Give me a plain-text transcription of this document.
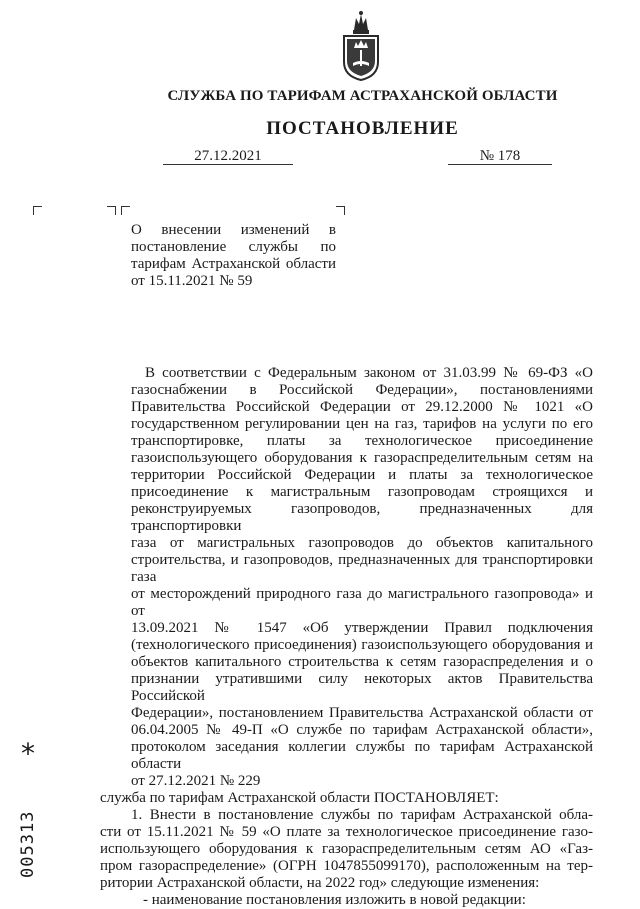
СЛУЖБА ПО ТАРИФАМ АСТРАХАНСКОЙ ОБЛАСТИ
ПОСТАНОВЛЕНИЕ
27.12.2021	№ 178
О внесении изменений в
постановление службы по
тарифам Астраханской области
от 15.11.2021 № 59
В соответствии с Федеральным законом от 31.03.99 № 69-ФЗ «О
газоснабжении в Российской Федерации», постановлениями
Правительства Российской Федерации от 29.12.2000 № 1021 «О
государственном регулировании цен на газ, тарифов на услуги по его
транспортировке, платы за технологическое присоединение
газоиспользующего оборудования к газораспределительным сетям на
территории Российской Федерации и платы за технологическое
присоединение к магистральным газопроводам строящихся и
реконструируемых газопроводов, предназначенных для транспортировки
газа от магистральных газопроводов до объектов капитального
строительства, и газопроводов, предназначенных для транспортировки газа
от месторождений природного газа до магистрального газопровода» и от
13.09.2021 № 1547 «Об утверждении Правил подключения
(технологического присоединения) газоиспользующего оборудования и
объектов капитального строительства к сетям газораспределения и о
признании утратившими силу некоторых актов Правительства Российской
Федерации», постановлением Правительства Астраханской области от
06.04.2005 № 49-П «О службе по тарифам Астраханской области»,
протоколом заседания коллегии службы по тарифам Астраханской области
от 27.12.2021 № 229
служба по тарифам Астраханской области ПОСТАНОВЛЯЕТ:
1. Внести в постановление службы по тарифам Астраханской обла-
сти от 15.11.2021 № 59 «О плате за технологическое присоединение газо-
использующего оборудования к газораспределительным сетям АО «Газ-
пром газораспределение» (ОГРН 1047855099170), расположенным на тер-
ритории Астраханской области, на 2022 год» следующие изменения:
- наименование постановления изложить в новой редакции:
*
005313
